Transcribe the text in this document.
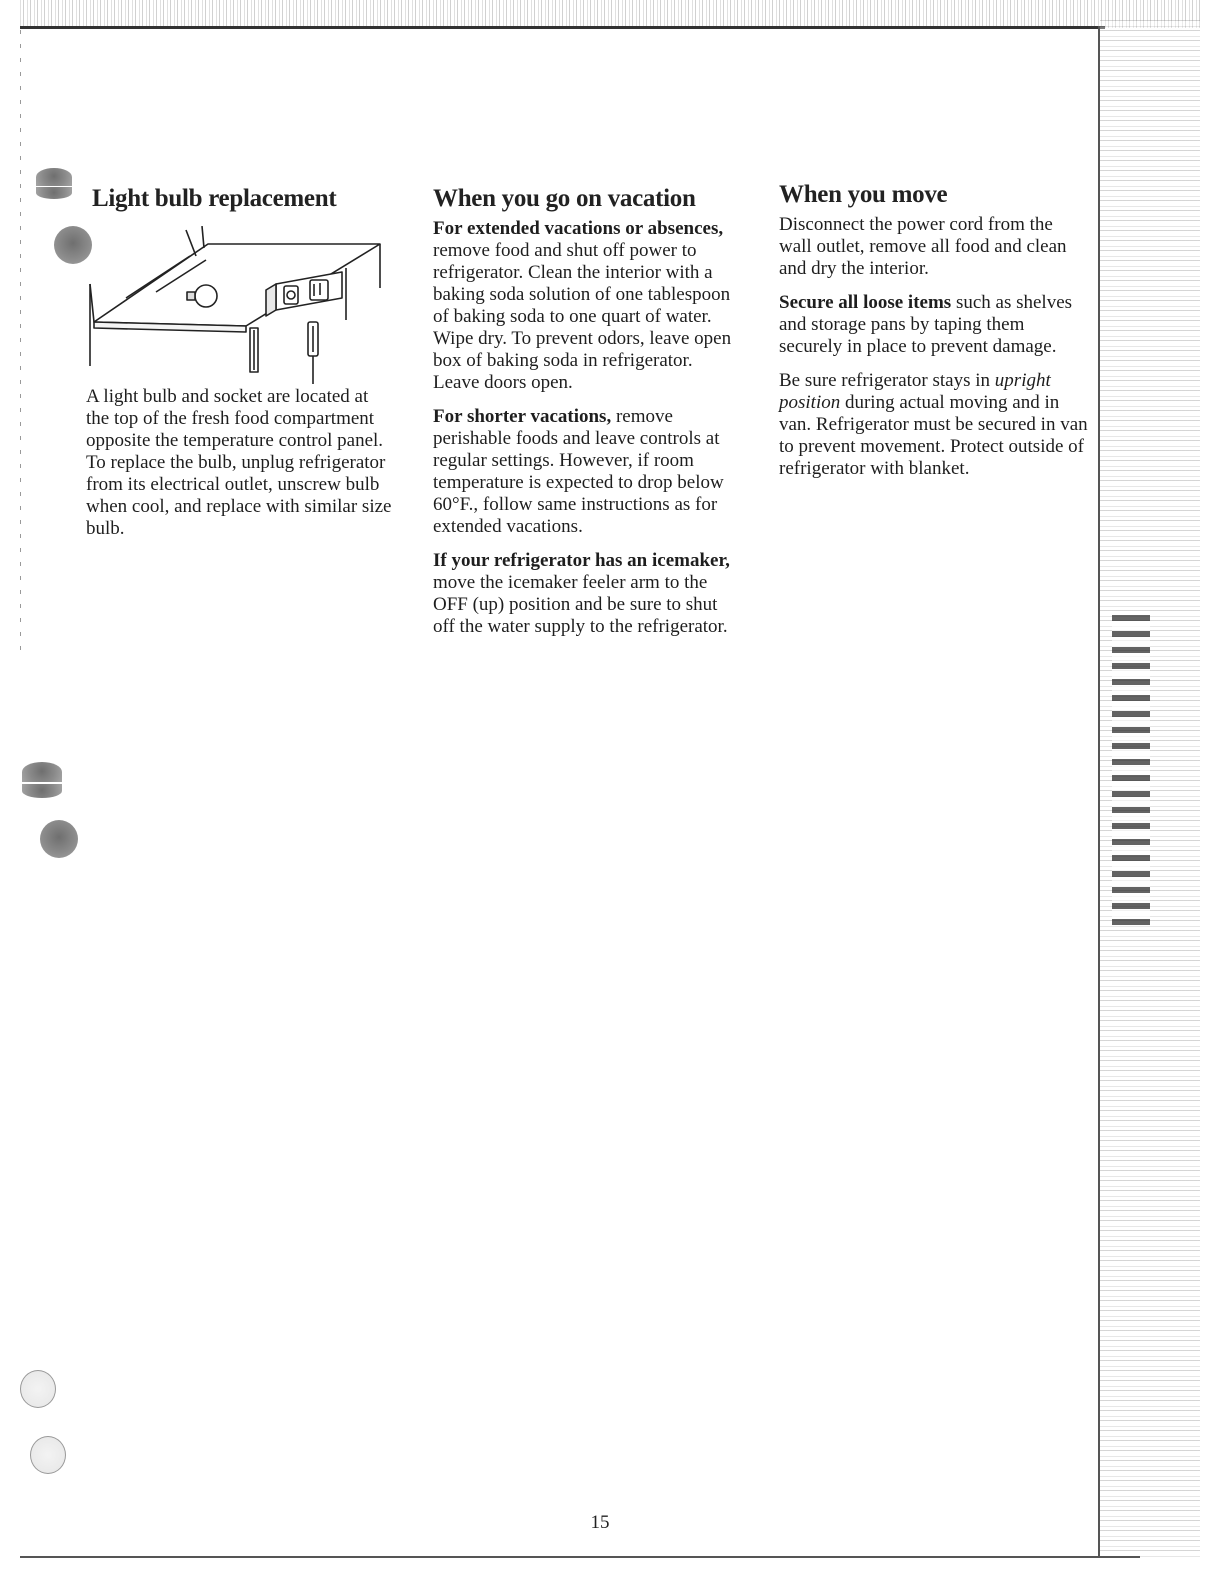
Light bulb replacement

A light bulb and socket are located at the top of the fresh food compartment opposite the temperature control panel. To replace the bulb, unplug refrigerator from its electrical outlet, unscrew bulb when cool, and replace with similar size bulb.

When you go on vacation

For extended vacations or absences, remove food and shut off power to refrigerator. Clean the interior with a baking soda solution of one tablespoon of baking soda to one quart of water. Wipe dry. To prevent odors, leave open box of baking soda in refrigerator. Leave doors open.

For shorter vacations, remove perishable foods and leave controls at regular settings. However, if room temperature is expected to drop below 60°F., follow same instructions as for extended vacations.

If your refrigerator has an icemaker, move the icemaker feeler arm to the OFF (up) position and be sure to shut off the water supply to the refrigerator.

When you move

Disconnect the power cord from the wall outlet, remove all food and clean and dry the interior.

Secure all loose items such as shelves and storage pans by taping them securely in place to prevent damage.

Be sure refrigerator stays in upright position during actual moving and in van. Refrigerator must be secured in van to prevent movement. Protect outside of refrigerator with blanket.

15
